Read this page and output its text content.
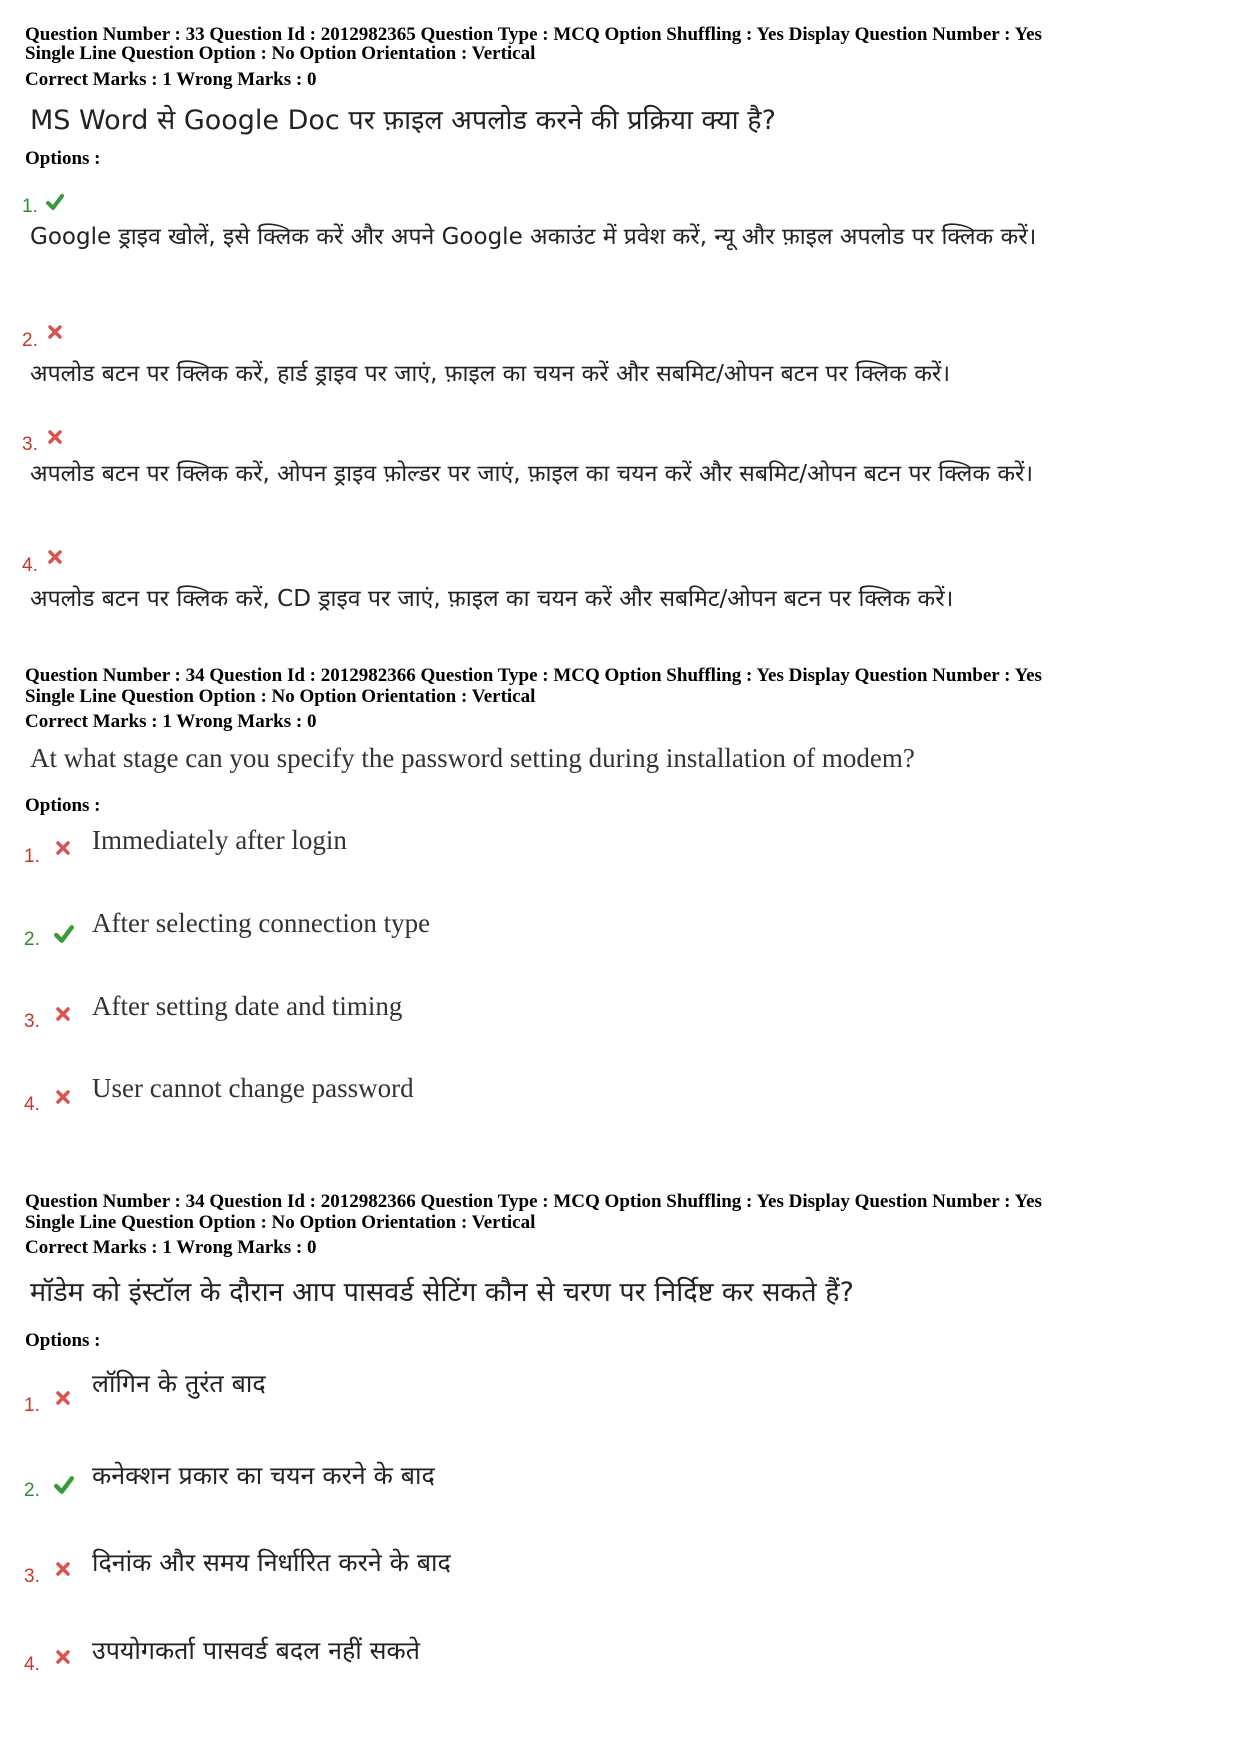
Question Number : 33 Question Id : 2012982365 Question Type : MCQ Option Shuffling : Yes Display Question Number : Yes
Single Line Question Option : No Option Orientation : Vertical
Correct Marks : 1 Wrong Marks : 0
MS Word से Google Doc पर फ़ाइल अपलोड करने की प्रक्रिया क्या है?
Options :
1.
Google ड्राइव खोलें, इसे क्लिक करें और अपने Google अकाउंट में प्रवेश करें, न्यू और फ़ाइल अपलोड पर क्लिक करें।
2.
अपलोड बटन पर क्लिक करें, हार्ड ड्राइव पर जाएं, फ़ाइल का चयन करें और सबमिट/ओपन बटन पर क्लिक करें।
3.
अपलोड बटन पर क्लिक करें, ओपन ड्राइव फ़ोल्डर पर जाएं, फ़ाइल का चयन करें और सबमिट/ओपन बटन पर क्लिक करें।
4.
अपलोड बटन पर क्लिक करें, CD ड्राइव पर जाएं, फ़ाइल का चयन करें और सबमिट/ओपन बटन पर क्लिक करें।
Question Number : 34 Question Id : 2012982366 Question Type : MCQ Option Shuffling : Yes Display Question Number : Yes
Single Line Question Option : No Option Orientation : Vertical
Correct Marks : 1 Wrong Marks : 0
At what stage can you specify the password setting during installation of modem?
Options :
1.
Immediately after login
2.
After selecting connection type
3.
After setting date and timing
4.
User cannot change password
Question Number : 34 Question Id : 2012982366 Question Type : MCQ Option Shuffling : Yes Display Question Number : Yes
Single Line Question Option : No Option Orientation : Vertical
Correct Marks : 1 Wrong Marks : 0
मॉडेम को इंस्टॉल के दौरान आप पासवर्ड सेटिंग कौन से चरण पर निर्दिष्ट कर सकते हैं?
Options :
1.
लॉगिन के तुरंत बाद
2.
कनेक्शन प्रकार का चयन करने के बाद
3. दिनांक और समय निर्धारित करने के बाद
4. उपयोगकर्ता पासवर्ड बदल नहीं सकते
